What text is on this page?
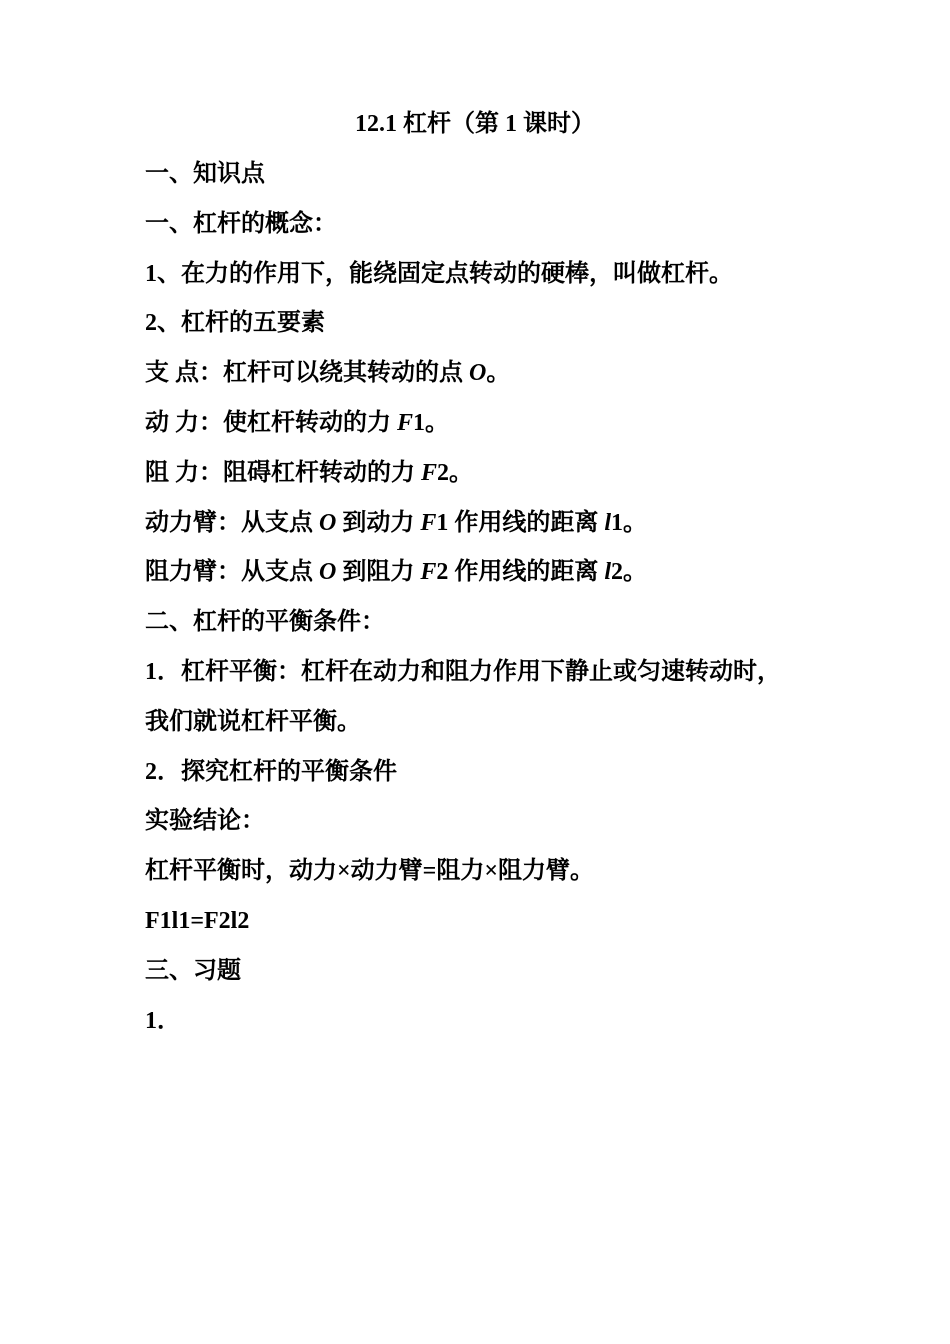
12.1 杠杆（第 1 课时）
一、知识点
一、杠杆的概念：
1、在力的作用下，能绕固定点转动的硬棒，叫做杠杆。
2、杠杆的五要素
支 点：杠杆可以绕其转动的点 O。
动 力：使杠杆转动的力 F1。
阻 力：阻碍杠杆转动的力 F2。
动力臂：从支点 O 到动力 F1 作用线的距离 l1。
阻力臂：从支点 O 到阻力 F2 作用线的距离 l2。
二、杠杆的平衡条件：
1．杠杆平衡：杠杆在动力和阻力作用下静止或匀速转动时，
我们就说杠杆平衡。
2．探究杠杆的平衡条件
实验结论：
杠杆平衡时，动力×动力臂=阻力×阻力臂。
F1l1=F2l2
三、习题
1．
